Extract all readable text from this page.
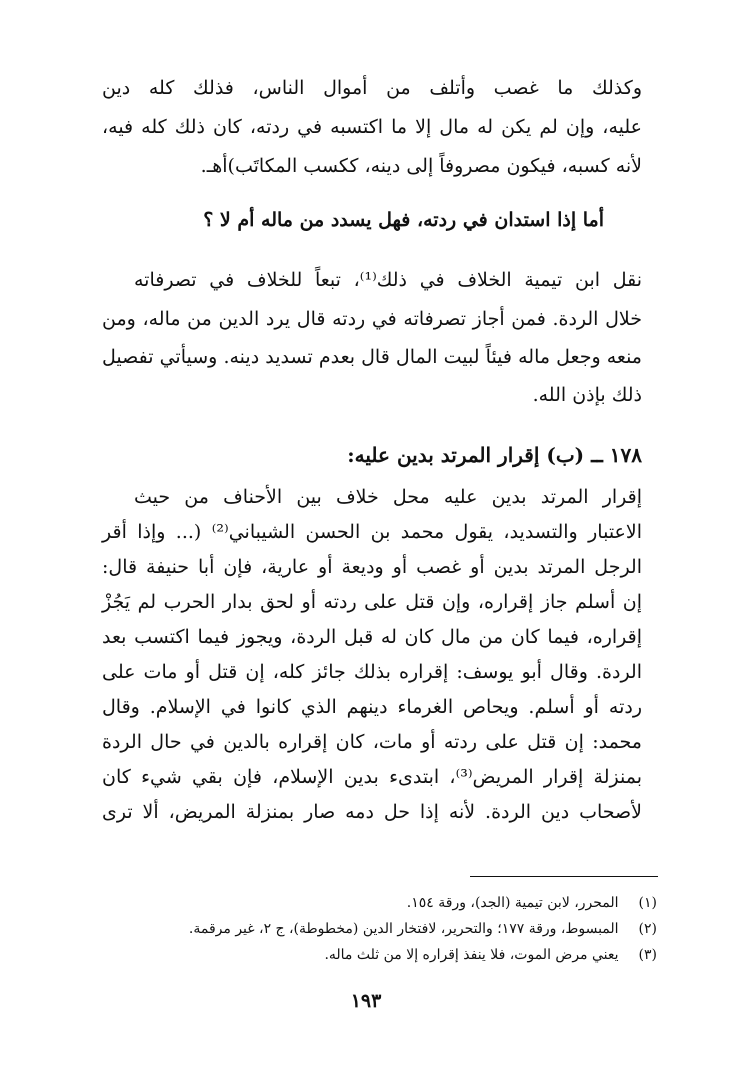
وكذلك ما غصب وأتلف من أموال الناس، فذلك كله دين
عليه، وإن لم يكن له مال إلا ما اكتسبه في ردته، كان ذلك كله فيه،
لأنه كسبه، فيكون مصروفاً إلى دينه، ككسب المكاتَب)أهـ.
أما إذا استدان في ردته، فهل يسدد من ماله أم لا ؟
نقل ابن تيمية الخلاف في ذلك⁽¹⁾، تبعاً للخلاف في تصرفاته
خلال الردة. فمن أجاز تصرفاته في ردته قال يرد الدين من ماله، ومن
منعه وجعل ماله فيئاً لبيت المال قال بعدم تسديد دينه. وسيأتي تفصيل
ذلك بإذن الله.
١٧٨ ــ (ب) إقرار المرتد بدين عليه:
إقرار المرتد بدين عليه محل خلاف بين الأحناف من حيث
الاعتبار والتسديد، يقول محمد بن الحسن الشيباني⁽²⁾ (... وإذا أقر
الرجل المرتد بدين أو غصب أو وديعة أو عارية، فإن أبا حنيفة قال:
إن أسلم جاز إقراره، وإن قتل على ردته أو لحق بدار الحرب لم يَجُزْ
إقراره، فيما كان من مال كان له قبل الردة، ويجوز فيما اكتسب بعد
الردة. وقال أبو يوسف: إقراره بذلك جائز كله، إن قتل أو مات على
ردته أو أسلم. ويحاص الغرماء دينهم الذي كانوا في الإسلام. وقال
محمد: إن قتل على ردته أو مات، كان إقراره بالدين في حال الردة
بمنزلة إقرار المريض⁽³⁾، ابتدىء بدين الإسلام، فإن بقي شيء كان
لأصحاب دين الردة. لأنه إذا حل دمه صار بمنزلة المريض، ألا ترى
(١) المحرر، لابن تيمية (الجد)، ورقة ١٥٤.
(٢) المبسوط، ورقة ١٧٧؛ والتحرير، لافتخار الدين (مخطوطة)، ج ٢، غير مرقمة.
(٣) يعني مرض الموت، فلا ينفذ إقراره إلا من ثلث ماله.
١٩٣
